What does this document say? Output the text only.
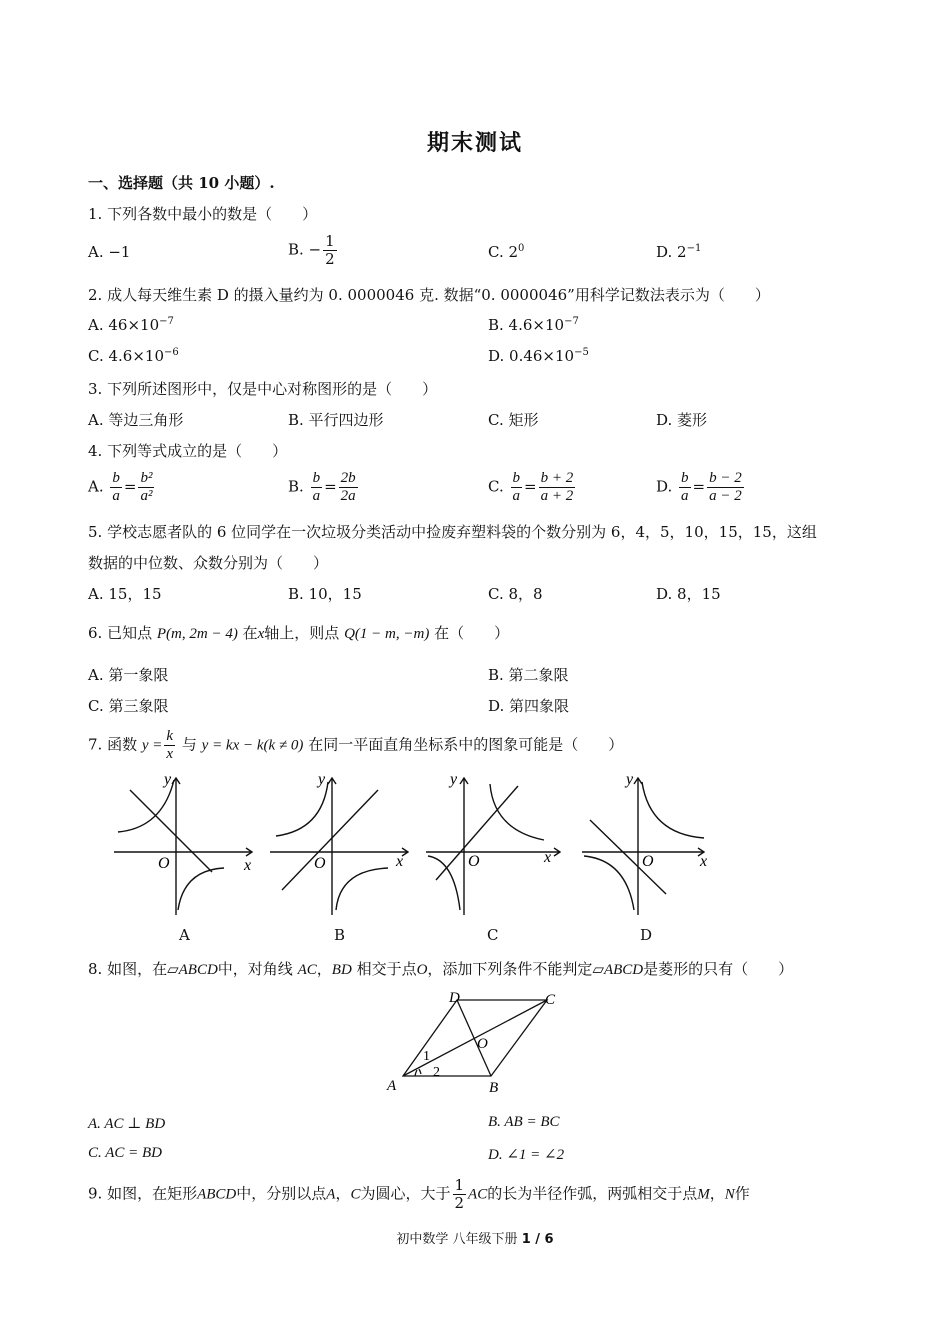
期末测试
一、选择题（共 10 小题）.
1. 下列各数中最小的数是（　　）
A. −1	B. − $\frac{1}{2}$	C. $2^0$	D. $2^{-1}$
2. 成人每天维生素 D 的摄入量约为 0. 0000046 克. 数据“0. 0000046”用科学记数法表示为（　　）
A. $46\times 10^{-7}$	B. $4.6\times 10^{-7}$
C. $4.6\times 10^{-6}$	D. $0.46\times 10^{-5}$
3. 下列所述图形中，仅是中心对称图形的是（　　）
A. 等边三角形	B. 平行四边形	C. 矩形	D. 菱形
4. 下列等式成立的是（　　）
A. $\frac{b}{a} = \frac{\text{b²}}{\text{a²}}$	B. $\frac{b}{a} = \frac{2b}{2a}$	C. $\frac{b}{a} = \frac{b + 2}{a + 2}$	D. $\frac{b}{a} = \frac{b - 2}{a - 2}$
5. 学校志愿者队的 6 位同学在一次垃圾分类活动中捡废弃塑料袋的个数分别为 6，4，5，10，15，15，这组
数据的中位数、众数分别为（　　）
A. 15，15	B. 10，15	C. 8，8	D. 8，15
6. 已知点 P(m, 2m − 4) 在x轴上，则点 Q(1 − m, −m) 在（　　）
A. 第一象限	B. 第二象限
C. 第三象限	D. 第四象限
7. 函数 $y = \frac{k}{x}$ 与 y = kx − k(k ≠ 0) 在同一平面直角坐标系中的图象可能是（　　）
x
y
O	x
y
O	x
y
O	x
y
O
A	B	C	D
8. 如图，在▱ABCD中，对角线 AC，BD 相交于点O，添加下列条件不能判定▱ABCD是菱形的只有（　　）
A	B
C
D
O
1
2
A. AC ⊥ BD	B. AB = BC
C. AC = BD	D. ∠1 = ∠2
9. 如图，在矩形ABCD中，分别以点A，C为圆心，大于 $\frac{1}{2}$ AC的长为半径作弧，两弧相交于点M，N作
初中数学 八年级下册 1 / 6
